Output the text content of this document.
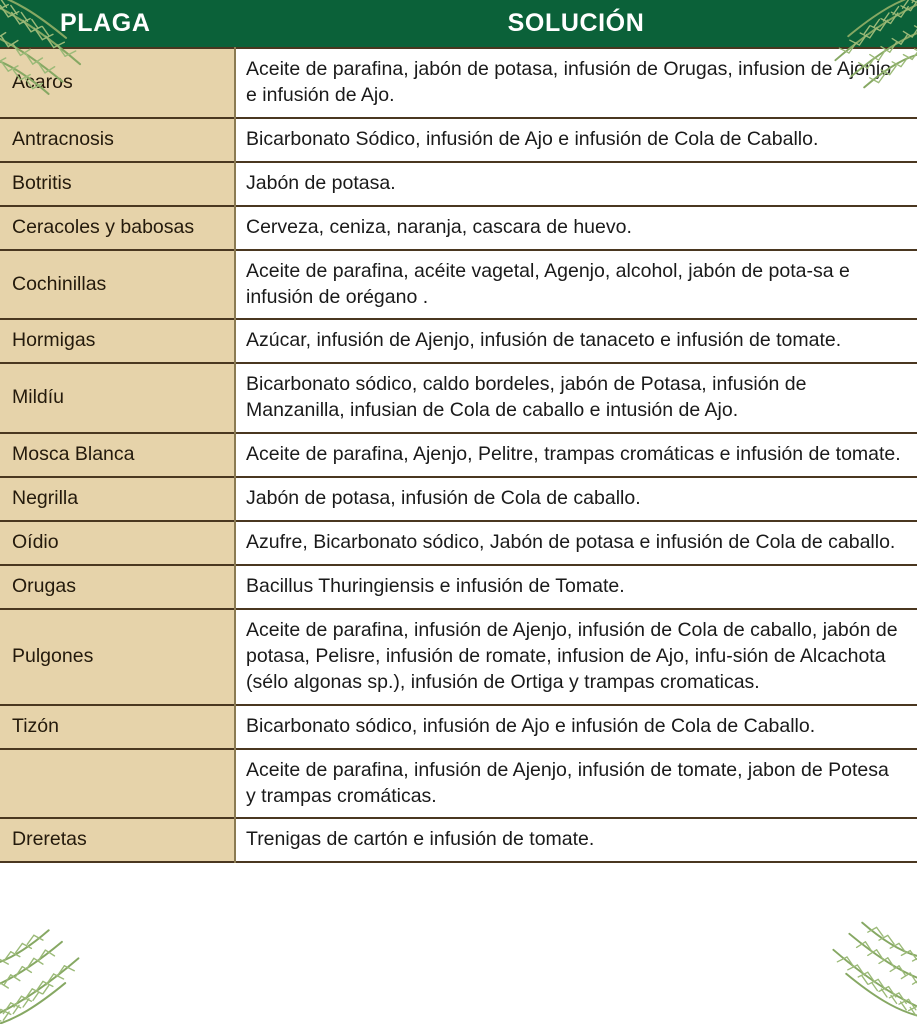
PLAGA	SOLUCIÓN
Acaros	Aceite de parafina, jabón de potasa, infusión de Orugas, infusion de Ajonjo e infusión de Ajo.

Antracnosis	Bicarbonato Sódico, infusión de Ajo e infusión de Cola de Caballo.

Botritis	Jabón de potasa.

Ceracoles y babosas	Cerveza, ceniza, naranja, cascara de huevo.

Cochinillas	Aceite de parafina, acéite vagetal, Agenjo, alcohol, jabón de pota-sa e infusión de orégano .

Hormigas	Azúcar, infusión de Ajenjo, infusión de tanaceto e infusión de tomate.

Mildíu	Bicarbonato sódico, caldo bordeles, jabón de Potasa, infusión de Manzanilla, infusian de Cola de caballo e intusión de Ajo.

Mosca Blanca	Aceite de parafina, Ajenjo, Pelitre, trampas cromáticas e infusión de tomate.

Negrilla	Jabón de potasa, infusión de Cola de caballo.

Oídio	Azufre, Bicarbonato sódico, Jabón de potasa e infusión de Cola de caballo.

Orugas	Bacillus Thuringiensis e infusión de Tomate.

Pulgones	Aceite de parafina, infusión de Ajenjo, infusión de Cola de caballo, jabón de potasa, Pelisre, infusión de romate, infusion de Ajo, infu-sión de Alcachota (sélo algonas sp.), infusión de Ortiga y trampas cromaticas.

Tizón	Bicarbonato sódico, infusión de Ajo e infusión de Cola de Caballo.

	Aceite de parafina, infusión de Ajenjo, infusión de tomate, jabon de Potesa y trampas cromáticas.

Dreretas	Trenigas de cartón e infusión de tomate.
